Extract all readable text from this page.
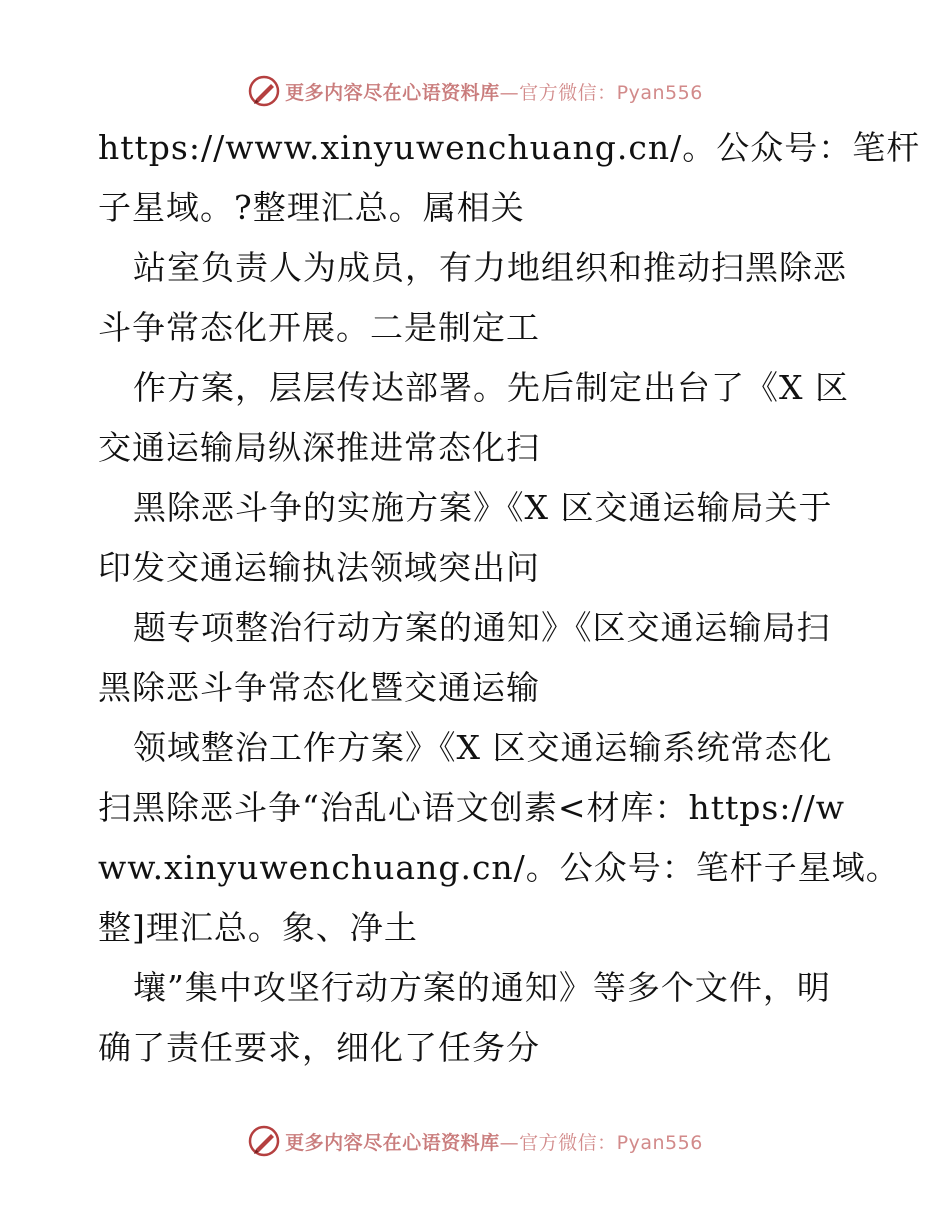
更多内容尽在心语资料库—官方微信：Pyan556
https://www.xinyuwenchuang.cn/。公众号：笔杆
子星域。?整理汇总。属相关
站室负责人为成员，有力地组织和推动扫黑除恶
斗争常态化开展。二是制定工
作方案，层层传达部署。先后制定出台了《X 区
交通运输局纵深推进常态化扫
黑除恶斗争的实施方案》《X 区交通运输局关于
印发交通运输执法领域突出问
题专项整治行动方案的通知》《区交通运输局扫
黑除恶斗争常态化暨交通运输
领域整治工作方案》《X 区交通运输系统常态化
扫黑除恶斗争“治乱心语文创素<材库：https://w
ww.xinyuwenchuang.cn/。公众号：笔杆子星域。
整]理汇总。象、净土
壤”集中攻坚行动方案的通知》等多个文件，明
确了责任要求，细化了任务分
更多内容尽在心语资料库—官方微信：Pyan556
